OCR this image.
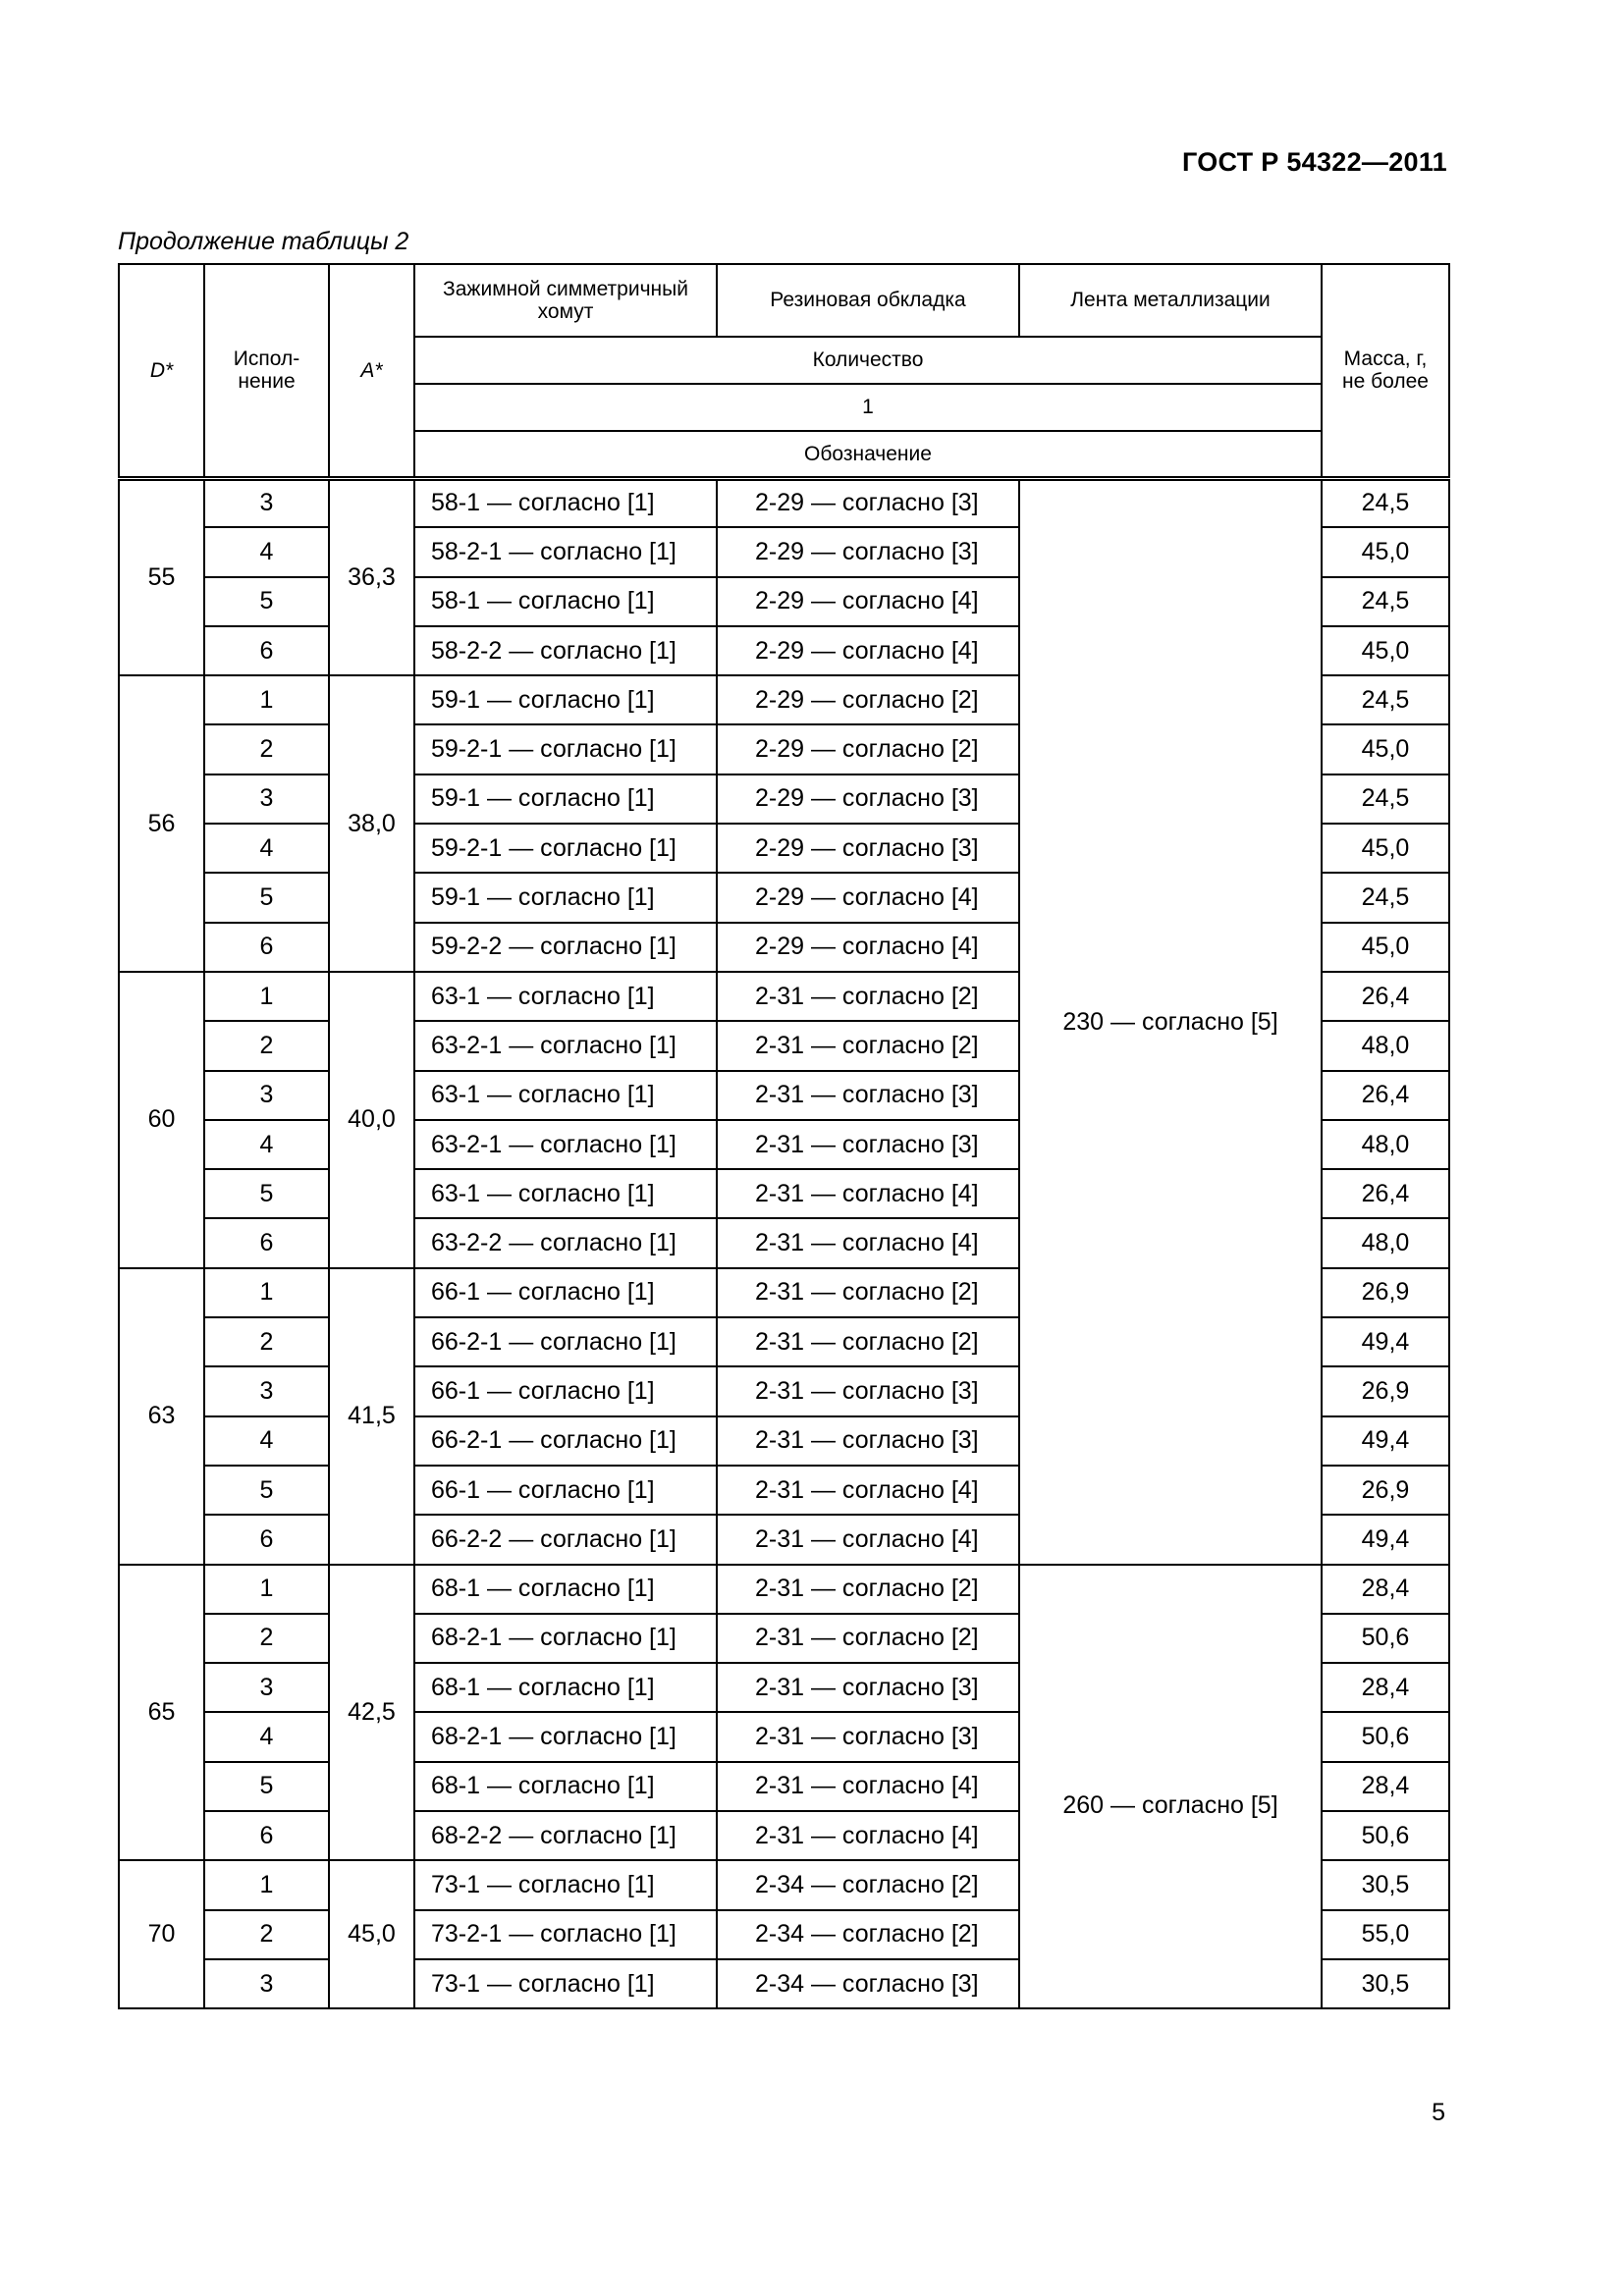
ГОСТ Р 54322—2011
Продолжение таблицы 2
D*	Испол-
нение	A*	Зажимной симметричный хомут	Резиновая обкладка	Лента металлизации	Масса, г,
не более
			Количество			
			1			
			Обозначение			
55	3	36,3	58-1 — согласно [1]	2-29 — согласно [3]	230 — согласно [5]	24,5
	4		58-2-1 — согласно [1]	2-29 — согласно [3]		45,0
	5		58-1 — согласно [1]	2-29 — согласно [4]		24,5
	6		58-2-2 — согласно [1]	2-29 — согласно [4]		45,0
56	1	38,0	59-1 — согласно [1]	2-29 — согласно [2]		24,5
	2		59-2-1 — согласно [1]	2-29 — согласно [2]		45,0
	3		59-1 — согласно [1]	2-29 — согласно [3]		24,5
	4		59-2-1 — согласно [1]	2-29 — согласно [3]		45,0
	5		59-1 — согласно [1]	2-29 — согласно [4]		24,5
	6		59-2-2 — согласно [1]	2-29 — согласно [4]		45,0
60	1	40,0	63-1 — согласно [1]	2-31 — согласно [2]		26,4
	2		63-2-1 — согласно [1]	2-31 — согласно [2]		48,0
	3		63-1 — согласно [1]	2-31 — согласно [3]		26,4
	4		63-2-1 — согласно [1]	2-31 — согласно [3]		48,0
	5		63-1 — согласно [1]	2-31 — согласно [4]		26,4
	6		63-2-2 — согласно [1]	2-31 — согласно [4]		48,0
63	1	41,5	66-1 — согласно [1]	2-31 — согласно [2]		26,9
	2		66-2-1 — согласно [1]	2-31 — согласно [2]		49,4
	3		66-1 — согласно [1]	2-31 — согласно [3]		26,9
	4		66-2-1 — согласно [1]	2-31 — согласно [3]		49,4
	5		66-1 — согласно [1]	2-31 — согласно [4]		26,9
	6		66-2-2 — согласно [1]	2-31 — согласно [4]		49,4
65	1	42,5	68-1 — согласно [1]	2-31 — согласно [2]	260 — согласно [5]	28,4
	2		68-2-1 — согласно [1]	2-31 — согласно [2]		50,6
	3		68-1 — согласно [1]	2-31 — согласно [3]		28,4
	4		68-2-1 — согласно [1]	2-31 — согласно [3]		50,6
	5		68-1 — согласно [1]	2-31 — согласно [4]		28,4
	6		68-2-2 — согласно [1]	2-31 — согласно [4]		50,6
70	1	45,0	73-1 — согласно [1]	2-34 — согласно [2]		30,5
	2		73-2-1 — согласно [1]	2-34 — согласно [2]		55,0
	3		73-1 — согласно [1]	2-34 — согласно [3]		30,5
5
